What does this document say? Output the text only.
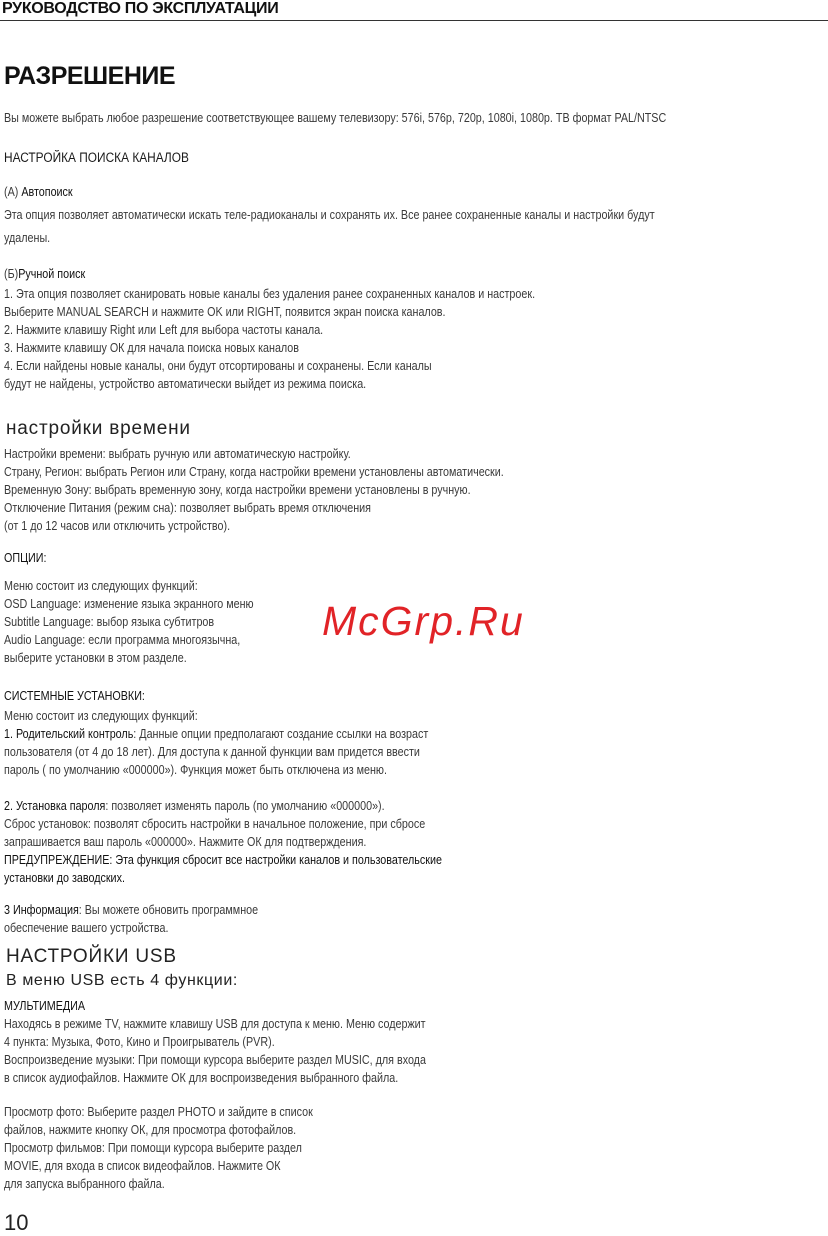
РУКОВОДСТВО ПО ЭКСПЛУАТАЦИИ
РАЗРЕШЕНИЕ
Вы можете выбрать любое разрешение соответствующее вашему телевизору: 576i, 576p, 720p, 1080i, 1080p. ТВ формат PAL/NTSC
НАСТРОЙКА ПОИСКА КАНАЛОВ
(А) Автопоиск
Эта опция позволяет автоматически искать теле-радиоканалы и сохранять их. Все ранее сохраненные каналы и настройки будут
удалены.
(Б)Ручной поиск
1. Эта опция позволяет сканировать новые каналы без удаления ранее сохраненных каналов и настроек.
Выберите MANUAL SEARCH и нажмите OK или RIGHT, появится экран поиска каналов.
2. Нажмите клавишу Right или Left для выбора частоты канала.
3. Нажмите клавишу ОК для начала поиска новых каналов
4. Если найдены новые каналы, они будут отсортированы и сохранены. Если каналы
будут не найдены, устройство автоматически выйдет из режима поиска.
настройки времени
Настройки времени: выбрать ручную или автоматическую настройку.
Страну, Регион: выбрать Регион или Страну, когда настройки времени установлены автоматически.
Временную Зону: выбрать временную зону, когда настройки времени установлены в ручную.
Отключение Питания (режим сна): позволяет выбрать время отключения
(от 1 до 12 часов или отключить устройство).
ОПЦИИ:
Меню состоит из следующих функций:
OSD Language: изменение языка экранного меню
Subtitle Language: выбор языка субтитров
Audio Language: если программа многоязычна,
выберите установки в этом разделе.
McGrp.Ru
СИСТЕМНЫЕ УСТАНОВКИ:
Меню состоит из следующих функций:
1. Родительский контроль: Данные опции предполагают создание ссылки на возраст
пользователя (от 4 до 18 лет). Для доступа к данной функции вам придется ввести
пароль ( по умолчанию «000000»). Функция может быть отключена из меню.
2. Установка пароля: позволяет изменять пароль (по умолчанию «000000»).
Сброс установок: позволят сбросить настройки в начальное положение, при сбросе
запрашивается ваш пароль «000000». Нажмите ОК для подтверждения.
ПРЕДУПРЕЖДЕНИЕ: Эта функция сбросит все настройки каналов и пользовательские
установки до заводских.
3 Информация: Вы можете обновить программное
обеспечение вашего устройства.
НАСТРОЙКИ USB
В меню USB есть 4 функции:
МУЛЬТИМЕДИА
Находясь в режиме TV, нажмите клавишу USB для доступа к меню. Меню содержит
4 пункта: Музыка, Фото, Кино и Проигрыватель (PVR).
Воспроизведение музыки: При помощи курсора выберите раздел MUSIC, для входа
в список аудиофайлов. Нажмите ОК для воспроизведения выбранного файла.
Просмотр фото: Выберите раздел PHOTO и зайдите в список
файлов, нажмите кнопку ОК, для просмотра фотофайлов.
Просмотр фильмов: При помощи курсора выберите раздел
MOVIE, для входа в список видеофайлов. Нажмите ОК
для запуска выбранного файла.
10
